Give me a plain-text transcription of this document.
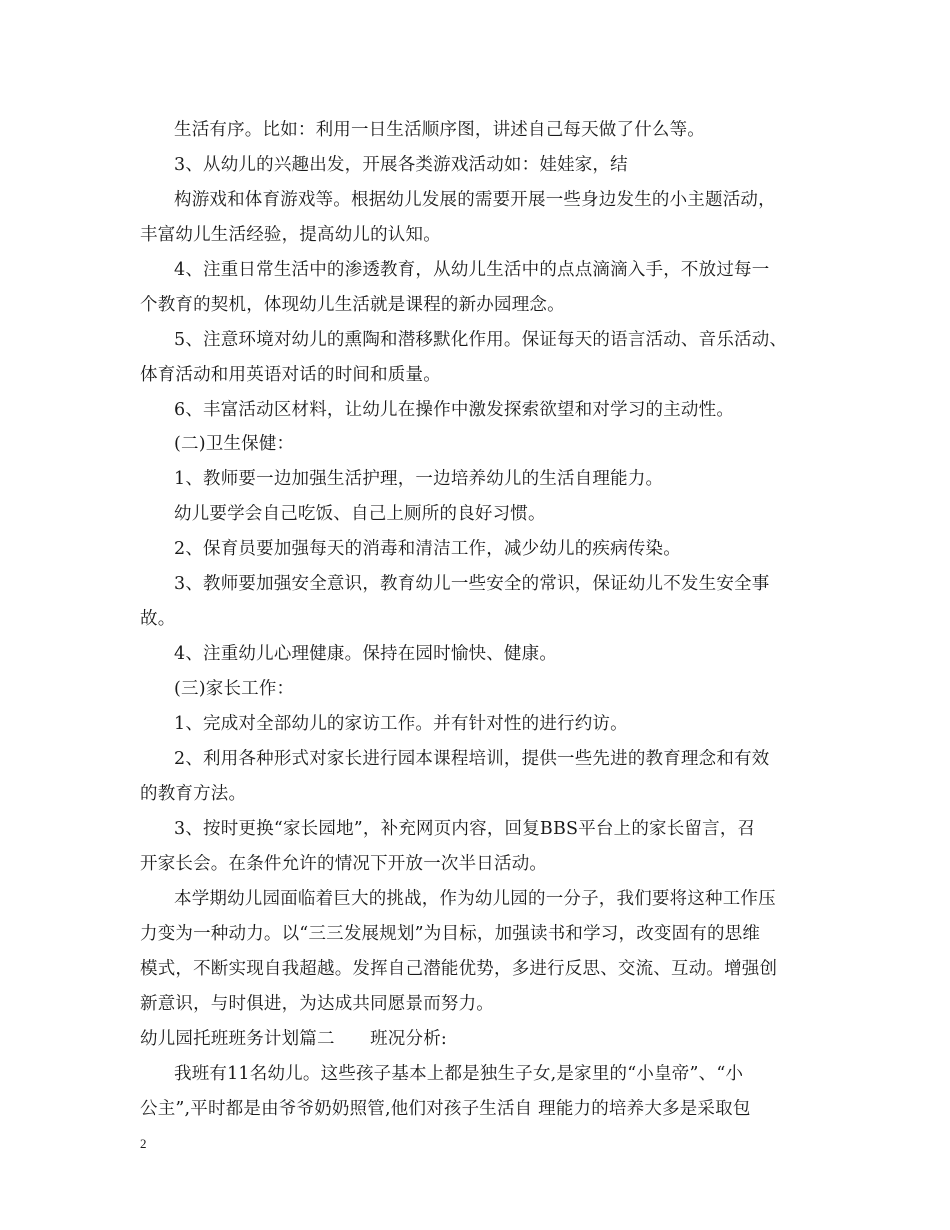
生活有序。比如：利用一日生活顺序图，讲述自己每天做了什么等。
3、从幼儿的兴趣出发，开展各类游戏活动如：娃娃家，结
构游戏和体育游戏等。根据幼儿发展的需要开展一些身边发生的小主题活动，
丰富幼儿生活经验，提高幼儿的认知。
4、注重日常生活中的渗透教育，从幼儿生活中的点点滴滴入手，不放过每一
个教育的契机，体现幼儿生活就是课程的新办园理念。
5、注意环境对幼儿的熏陶和潜移默化作用。保证每天的语言活动、音乐活动、
体育活动和用英语对话的时间和质量。
6、丰富活动区材料，让幼儿在操作中激发探索欲望和对学习的主动性。
(二)卫生保健：
1、教师要一边加强生活护理，一边培养幼儿的生活自理能力。
幼儿要学会自己吃饭、自己上厕所的良好习惯。
2、保育员要加强每天的消毒和清洁工作，减少幼儿的疾病传染。
3、教师要加强安全意识，教育幼儿一些安全的常识，保证幼儿不发生安全事
故。
4、注重幼儿心理健康。保持在园时愉快、健康。
(三)家长工作：
1、完成对全部幼儿的家访工作。并有针对性的进行约访。
2、利用各种形式对家长进行园本课程培训，提供一些先进的教育理念和有效
的教育方法。
3、按时更换“家长园地”，补充网页内容，回复BBS平台上的家长留言，召
开家长会。在条件允许的情况下开放一次半日活动。
本学期幼儿园面临着巨大的挑战，作为幼儿园的一分子，我们要将这种工作压
力变为一种动力。以“三三发展规划”为目标，加强读书和学习，改变固有的思维
模式，不断实现自我超越。发挥自己潜能优势，多进行反思、交流、互动。增强创
新意识，与时俱进，为达成共同愿景而努力。
幼儿园托班班务计划篇二　　班况分析:
我班有11名幼儿。这些孩子基本上都是独生子女,是家里的“小皇帝”、“小
公主”,平时都是由爷爷奶奶照管,他们对孩子生活自 理能力的培养大多是采取包
2
